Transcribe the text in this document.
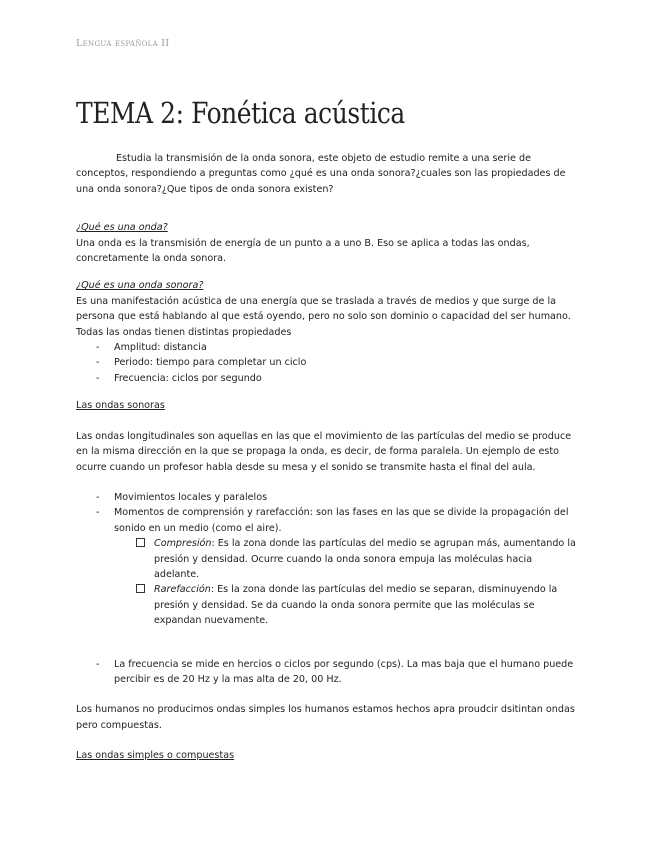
Lengua española II
TEMA 2: Fonética acústica

Estudia la transmisión de la onda sonora, este objeto de estudio remite a una serie de conceptos, respondiendo a preguntas como ¿qué es una onda sonora?¿cuales son las propiedades de una onda sonora?¿Que tipos de onda sonora existen?

¿Qué es una onda?

Una onda es la transmisión de energía de un punto a a uno B. Eso se aplica a todas las ondas, concretamente la onda sonora.

¿Qué es una onda sonora?

Es una manifestación acústica de una energía que se traslada a través de medios y que surge de la persona que está hablando al que está oyendo, pero no solo son dominio o capacidad del ser humano. Todas las ondas tienen distintas propiedades

- Amplitud: distancia
- Periodo: tiempo para completar un ciclo
- Frecuencia: ciclos por segundo

Las ondas sonoras

Las ondas longitudinales son aquellas en las que el movimiento de las partículas del medio se produce en la misma dirección en la que se propaga la onda, es decir, de forma paralela. Un ejemplo de esto ocurre cuando un profesor habla desde su mesa y el sonido se transmite hasta el final del aula.

- Movimientos locales y paralelos
- Momentos de comprensión y rarefacción: son las fases en las que se divide la propagación del sonido en un medio (como el aire).
Compresión: Es la zona donde las partículas del medio se agrupan más, aumentando la presión y densidad. Ocurre cuando la onda sonora empuja las moléculas hacia adelante.
Rarefacción: Es la zona donde las partículas del medio se separan, disminuyendo la presión y densidad. Se da cuando la onda sonora permite que las moléculas se expandan nuevamente.
- La frecuencia se mide en hercios o ciclos por segundo (cps). La mas baja que el humano puede percibir es de 20 Hz y la mas alta de 20, 00 Hz.

Los humanos no producimos ondas simples los humanos estamos hechos apra proudcir dsitintan ondas pero compuestas.

Las ondas simples o compuestas
